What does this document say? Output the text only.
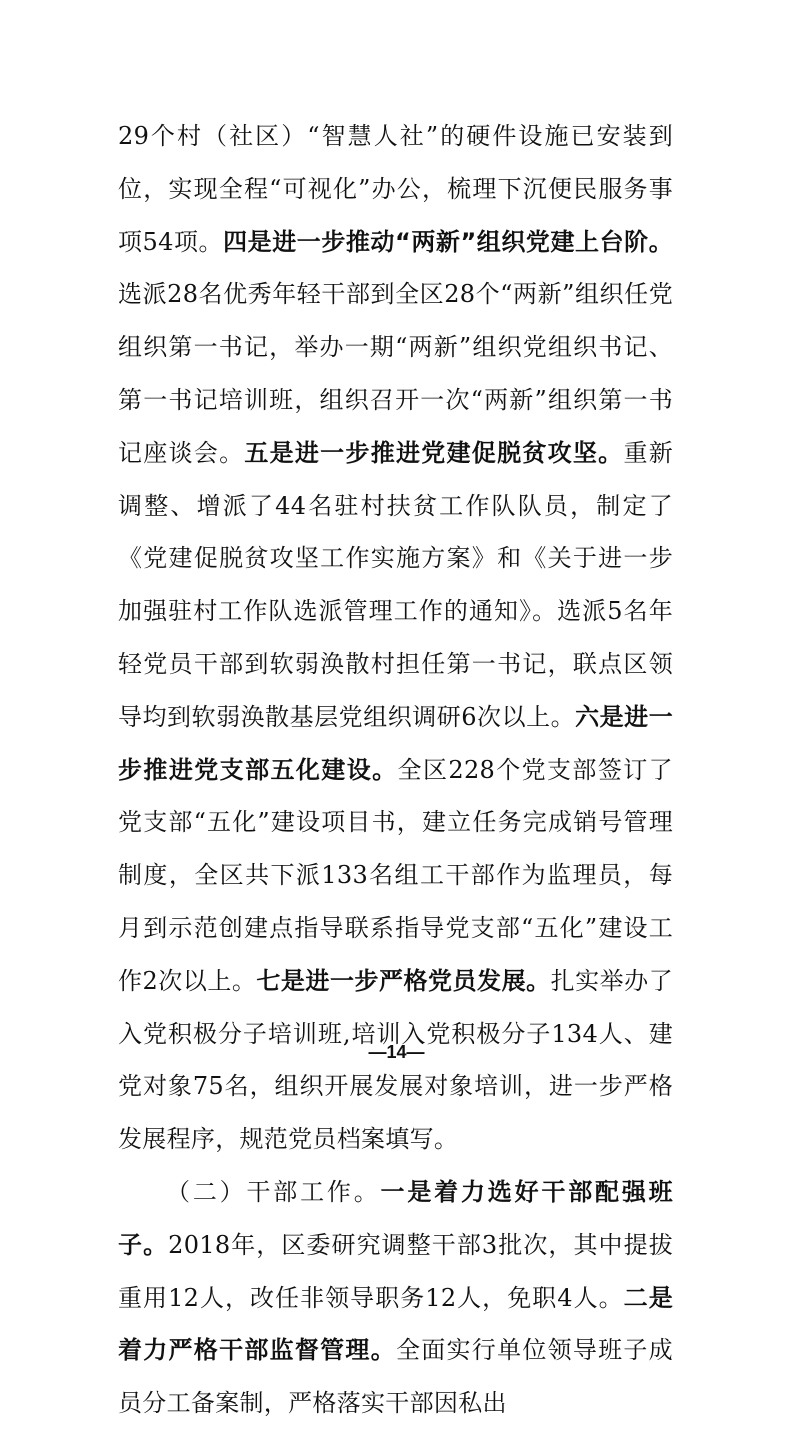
29个村（社区）“智慧人社”的硬件设施已安装到位，实现全程“可视化”办公，梳理下沉便民服务事项54项。四是进一步推动“两新”组织党建上台阶。选派28名优秀年轻干部到全区28个“两新”组织任党组织第一书记，举办一期“两新”组织党组织书记、第一书记培训班，组织召开一次“两新”组织第一书记座谈会。五是进一步推进党建促脱贫攻坚。重新调整、增派了44名驻村扶贫工作队队员，制定了《党建促脱贫攻坚工作实施方案》和《关于进一步加强驻村工作队选派管理工作的通知》。选派5名年轻党员干部到软弱涣散村担任第一书记，联点区领导均到软弱涣散基层党组织调研6次以上。六是进一步推进党支部五化建设。全区228个党支部签订了党支部“五化”建设项目书，建立任务完成销号管理制度，全区共下派133名组工干部作为监理员，每月到示范创建点指导联系指导党支部“五化”建设工作2次以上。七是进一步严格党员发展。扎实举办了入党积极分子培训班,培训入党积极分子134人、建党对象75名，组织开展发展对象培训，进一步严格发展程序，规范党员档案填写。

（二）干部工作。一是着力选好干部配强班子。2018年，区委研究调整干部3批次，其中提拔重用12人，改任非领导职务12人，免职4人。二是着力严格干部监督管理。全面实行单位领导班子成员分工备案制，严格落实干部因私出

—14—
